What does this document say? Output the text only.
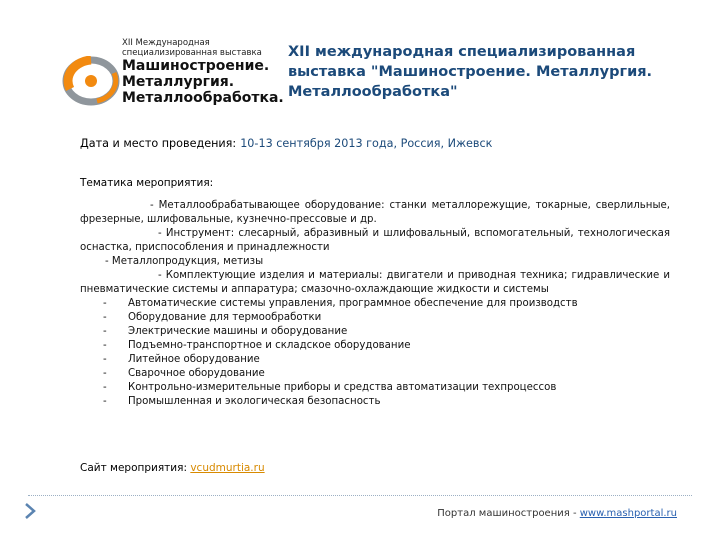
XII Международная
специализированная выставка
Машиностроение.
Металлургия.
Металлообработка.
XII международная специализированная
выставка "Машиностроение. Металлургия.
Металлообработка"
Дата и место проведения: 10-13 сентября 2013 года, Россия, Ижевск
Тематика мероприятия:
- Металлообрабатывающее оборудование: станки металлорежущие, токарные, сверлильные, фрезерные, шлифовальные, кузнечно-прессовые и др.
- Инструмент: слесарный, абразивный и шлифовальный, вспомогательный, технологическая оснастка, приспособления и принадлежности
- Металлопродукция, метизы
- Комплектующие изделия и материалы: двигатели и приводная техника; гидравлические и пневматические системы и аппаратура; смазочно-охлаждающие жидкости и системы
- Автоматические системы управления, программное обеспечение для производств
- Оборудование для термообработки
- Электрические машины и оборудование
- Подъемно-транспортное и складское оборудование
- Литейное оборудование
- Сварочное оборудование
- Контрольно-измерительные приборы и средства автоматизации техпроцессов
- Промышленная и экологическая безопасность
Сайт мероприятия: vcudmurtia.ru
Портал машиностроения - www.mashportal.ru
